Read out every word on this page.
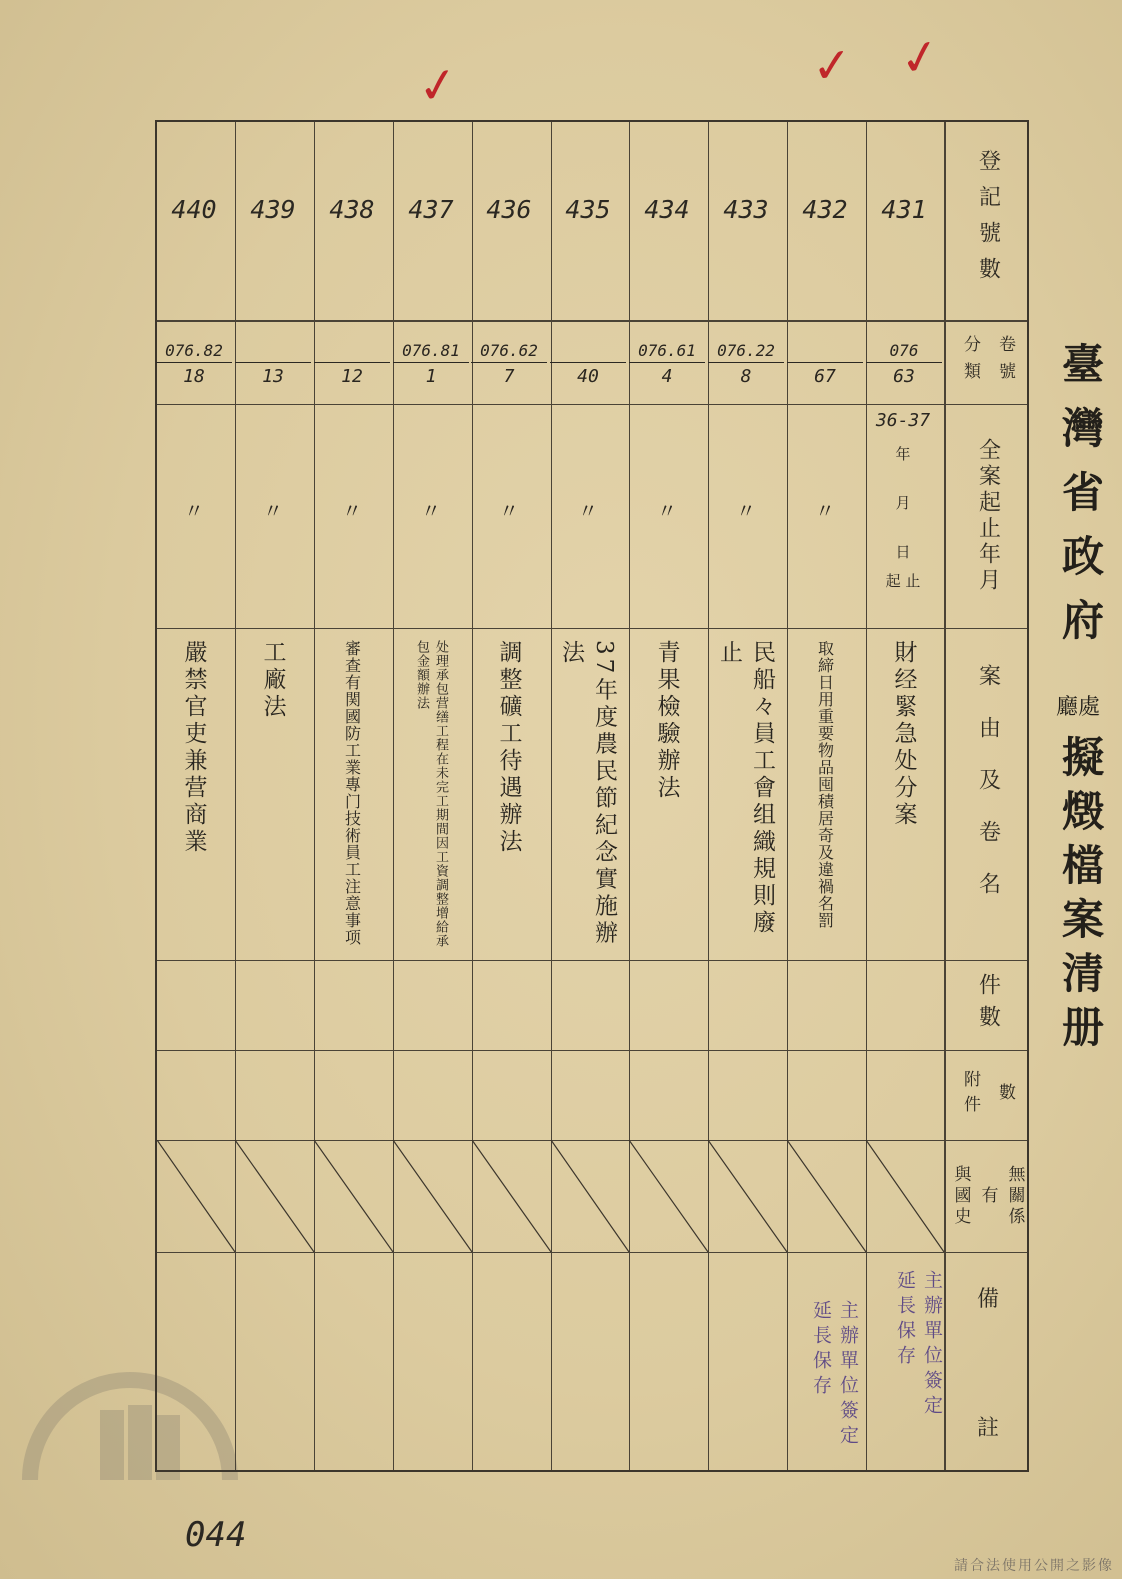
✓	✓ ✓
登記號數
分類 卷號
全案起止年月
案由及卷名
件數
附件 數
與國史 有 無關係
備
註
431
076
63
財经緊急处分案
432

67
〃
取締日用重要物品囤積居奇及違禍名罰
433
076.22
8
〃
民船々員工會组織規則廢止
434
076.61
4
〃
青果檢驗辦法
435

40
〃
37年度農民節紀念實施辦法
436
076.62
7
〃
調整礦工待遇辦法
437
076.81
1
〃
处理承包营缮工程在未完工期間因工資調整增給承包金額辦法
438

12
〃
審查有関國防工業專门技術員工注意事项
439

13
〃
工廠法
440
076.82
18
〃
嚴禁官吏兼营商業
36-37
年
月
日
起 止	臺灣省政府
廳處
擬燬檔案清册
主辦單位簽定延長保存
主辦單位簽定延長保存
044
請合法使用公開之影像
